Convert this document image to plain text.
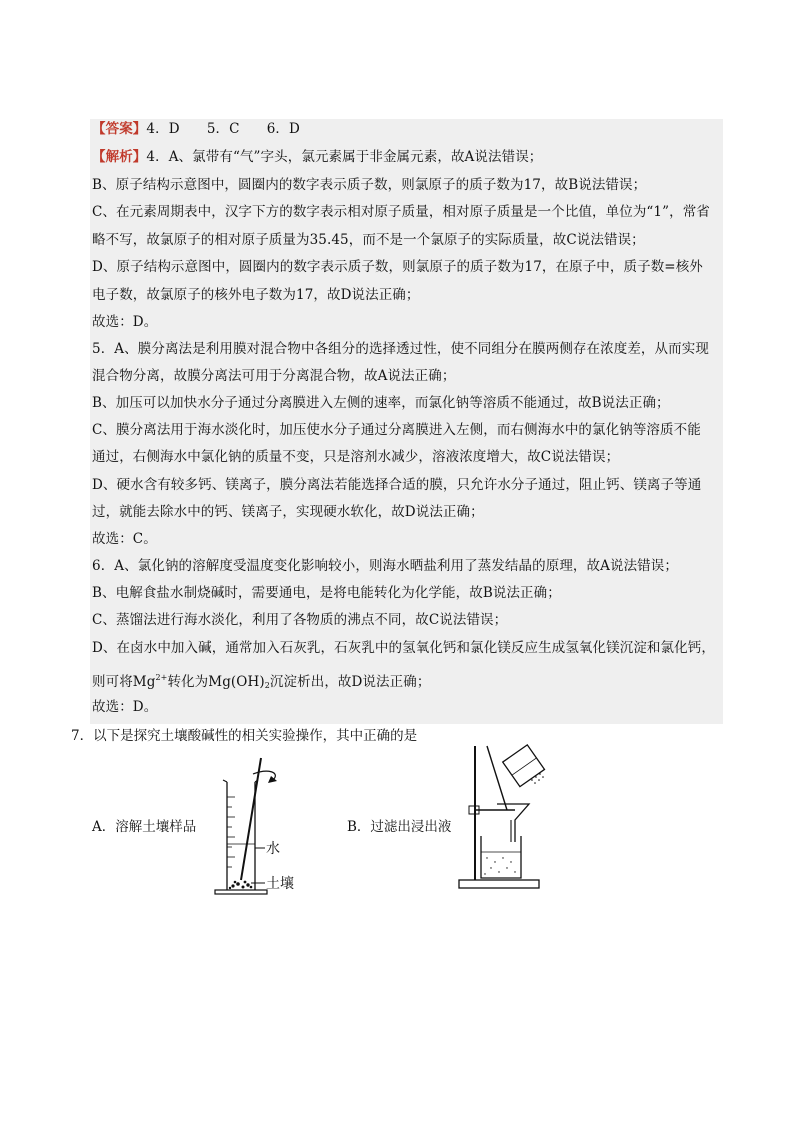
【答案】4．D　　5．C　　6．D
【解析】4．A、氯带有“气”字头，氯元素属于非金属元素，故A说法错误；
B、原子结构示意图中，圆圈内的数字表示质子数，则氯原子的质子数为17，故B说法错误；
C、在元素周期表中，汉字下方的数字表示相对原子质量，相对原子质量是一个比值，单位为“1”，常省
略不写，故氯原子的相对原子质量为35.45，而不是一个氯原子的实际质量，故C说法错误；
D、原子结构示意图中，圆圈内的数字表示质子数，则氯原子的质子数为17，在原子中，质子数=核外
电子数，故氯原子的核外电子数为17，故D说法正确；
故选：D。
5．A、膜分离法是利用膜对混合物中各组分的选择透过性，使不同组分在膜两侧存在浓度差，从而实现
混合物分离，故膜分离法可用于分离混合物，故A说法正确；
B、加压可以加快水分子通过分离膜进入左侧的速率，而氯化钠等溶质不能通过，故B说法正确；
C、膜分离法用于海水淡化时，加压使水分子通过分离膜进入左侧，而右侧海水中的氯化钠等溶质不能
通过，右侧海水中氯化钠的质量不变，只是溶剂水减少，溶液浓度增大，故C说法错误；
D、硬水含有较多钙、镁离子，膜分离法若能选择合适的膜，只允许水分子通过，阻止钙、镁离子等通
过，就能去除水中的钙、镁离子，实现硬水软化，故D说法正确；
故选：C。
6．A、氯化钠的溶解度受温度变化影响较小，则海水晒盐利用了蒸发结晶的原理，故A说法错误；
B、电解食盐水制烧碱时，需要通电，是将电能转化为化学能，故B说法正确；
C、蒸馏法进行海水淡化，利用了各物质的沸点不同，故C说法错误；
D、在卤水中加入碱，通常加入石灰乳，石灰乳中的氢氧化钙和氯化镁反应生成氢氧化镁沉淀和氯化钙，
则可将$Mg^{2+}$转化为$Mg(OH)_2$沉淀析出，故D说法正确；
故选：D。
7．以下是探究土壤酸碱性的相关实验操作，其中正确的是
A．溶解土壤样品	B．过滤出浸出液
水
土壤
